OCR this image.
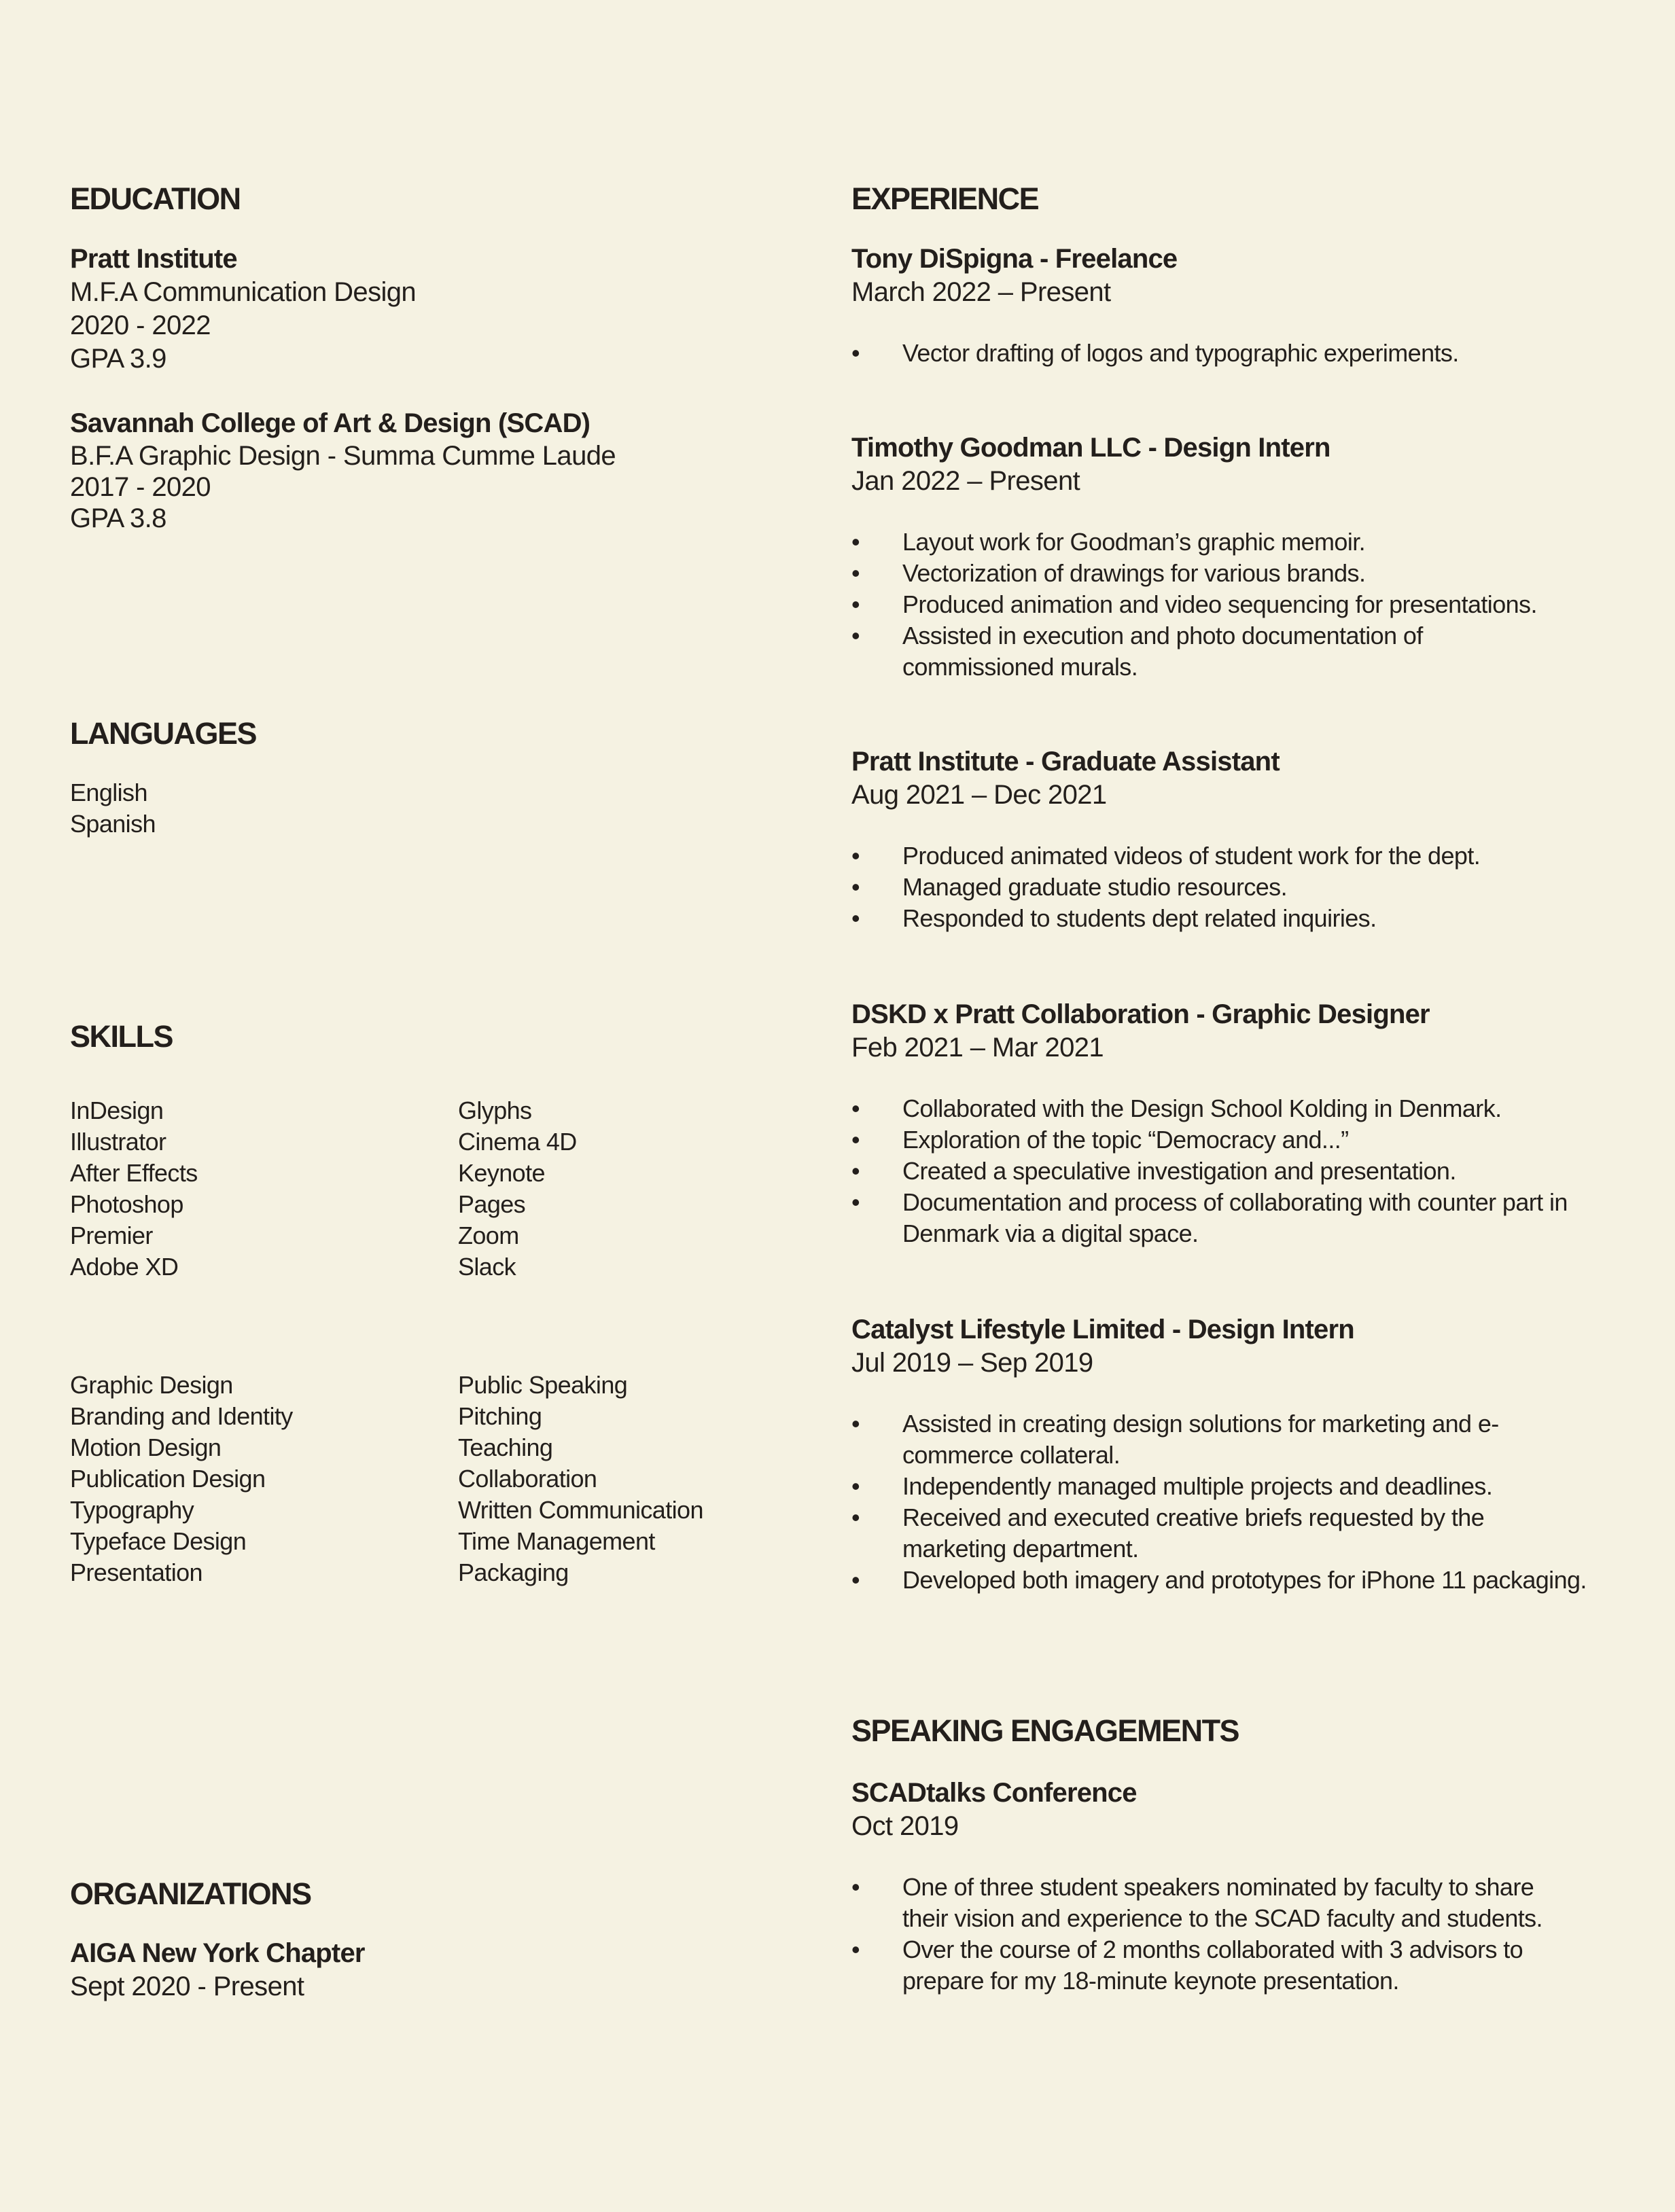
EDUCATION
Pratt Institute
M.F.A Communication Design
2020 - 2022
GPA 3.9
Savannah College of Art & Design (SCAD)
B.F.A Graphic Design - Summa Cumme Laude
2017 - 2020
GPA 3.8
LANGUAGES
English
Spanish
SKILLS
InDesign
Illustrator
After Effects
Photoshop
Premier
Adobe XD
Glyphs
Cinema 4D
Keynote
Pages
Zoom
Slack
Graphic Design
Branding and Identity
Motion Design
Publication Design
Typography
Typeface Design
Presentation
Public Speaking
Pitching
Teaching
Collaboration
Written Communication
Time Management
Packaging
ORGANIZATIONS
AIGA New York Chapter
Sept 2020 - Present
EXPERIENCE
Tony DiSpigna - Freelance
March 2022 – Present
• Vector drafting of logos and typographic experiments.
Timothy Goodman LLC - Design Intern
Jan 2022 – Present
• Layout work for Goodman’s graphic memoir.
• Vectorization of drawings for various brands.
• Produced animation and video sequencing for presentations.
• Assisted in execution and photo documentation of commissioned murals.
Pratt Institute - Graduate Assistant
Aug 2021 – Dec 2021
• Produced animated videos of student work for the dept.
• Managed graduate studio resources.
• Responded to students dept related inquiries.
DSKD x Pratt Collaboration - Graphic Designer
Feb 2021 – Mar 2021
• Collaborated with the Design School Kolding in Denmark.
• Exploration of the topic “Democracy and...”
• Created a speculative investigation and presentation.
• Documentation and process of collaborating with counter part in Denmark via a digital space.
Catalyst Lifestyle Limited - Design Intern
Jul 2019 – Sep 2019
• Assisted in creating design solutions for marketing and e-commerce collateral.
• Independently managed multiple projects and deadlines.
• Received and executed creative briefs requested by the marketing department.
• Developed both imagery and prototypes for iPhone 11 packaging.
SPEAKING ENGAGEMENTS
SCADtalks Conference
Oct 2019
• One of three student speakers nominated by faculty to share their vision and experience to the SCAD faculty and students.
• Over the course of 2 months collaborated with 3 advisors to prepare for my 18-minute keynote presentation.
